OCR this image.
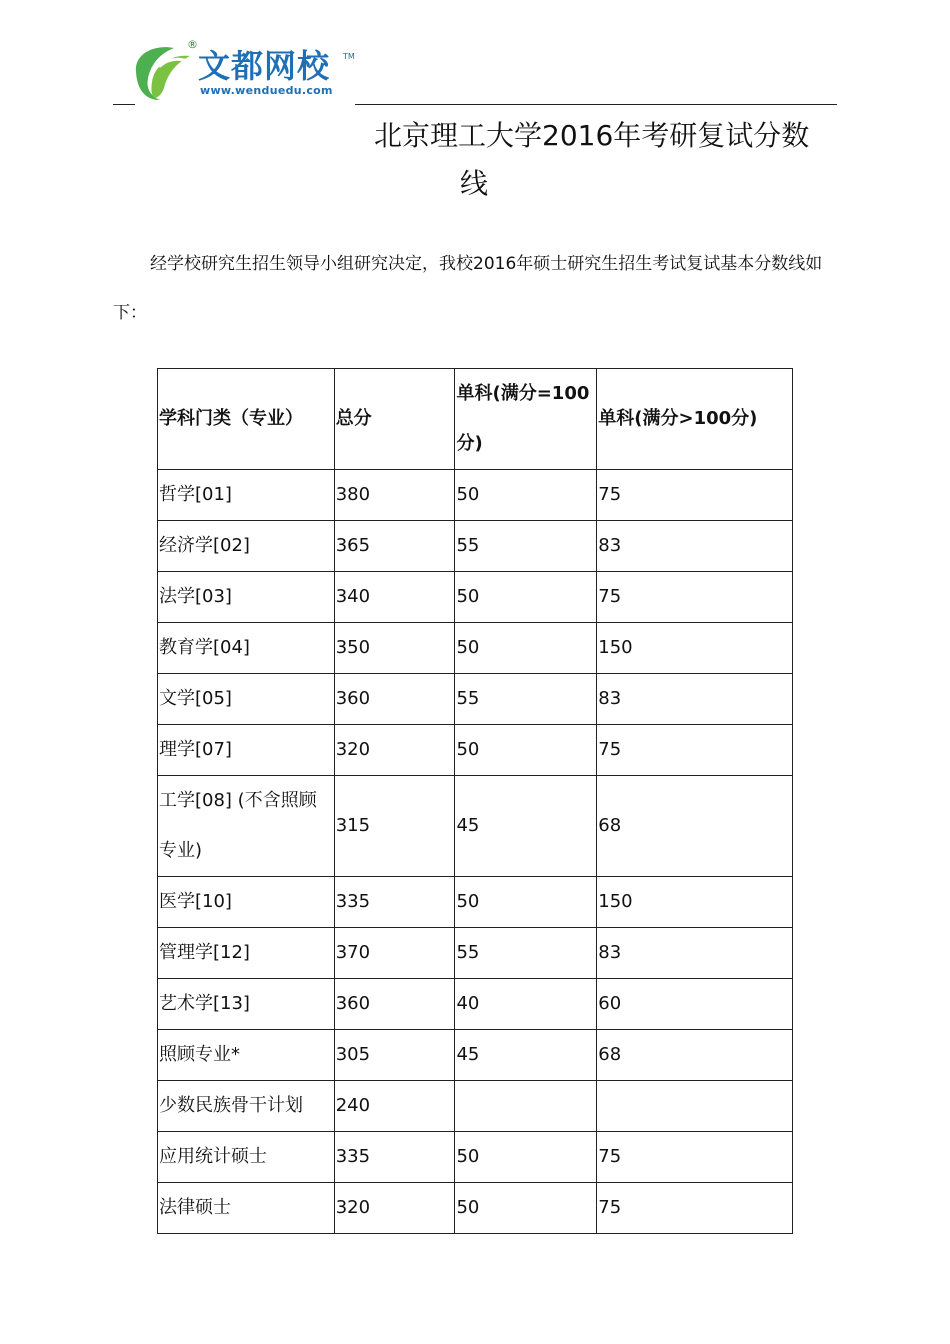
®
文都网校 TM
www.wenduedu.com
北京理工大学2016年考研复试分数
线

经学校研究生招生领导小组研究决定，我校2016年硕士研究生招生考试复试基本分数线如下：

学科门类（专业）	总分	单科(满分=100分)	单科(满分>100分)
哲学[01]	380	50	75
经济学[02]	365	55	83
法学[03]	340	50	75
教育学[04]	350	50	150
文学[05]	360	55	83
理学[07]	320	50	75
工学[08] (不含照顾专业)	315	45	68
医学[10]	335	50	150
管理学[12]	370	55	83
艺术学[13]	360	40	60
照顾专业*	305	45	68
少数民族骨干计划	240		
应用统计硕士	335	50	75
法律硕士	320	50	75
